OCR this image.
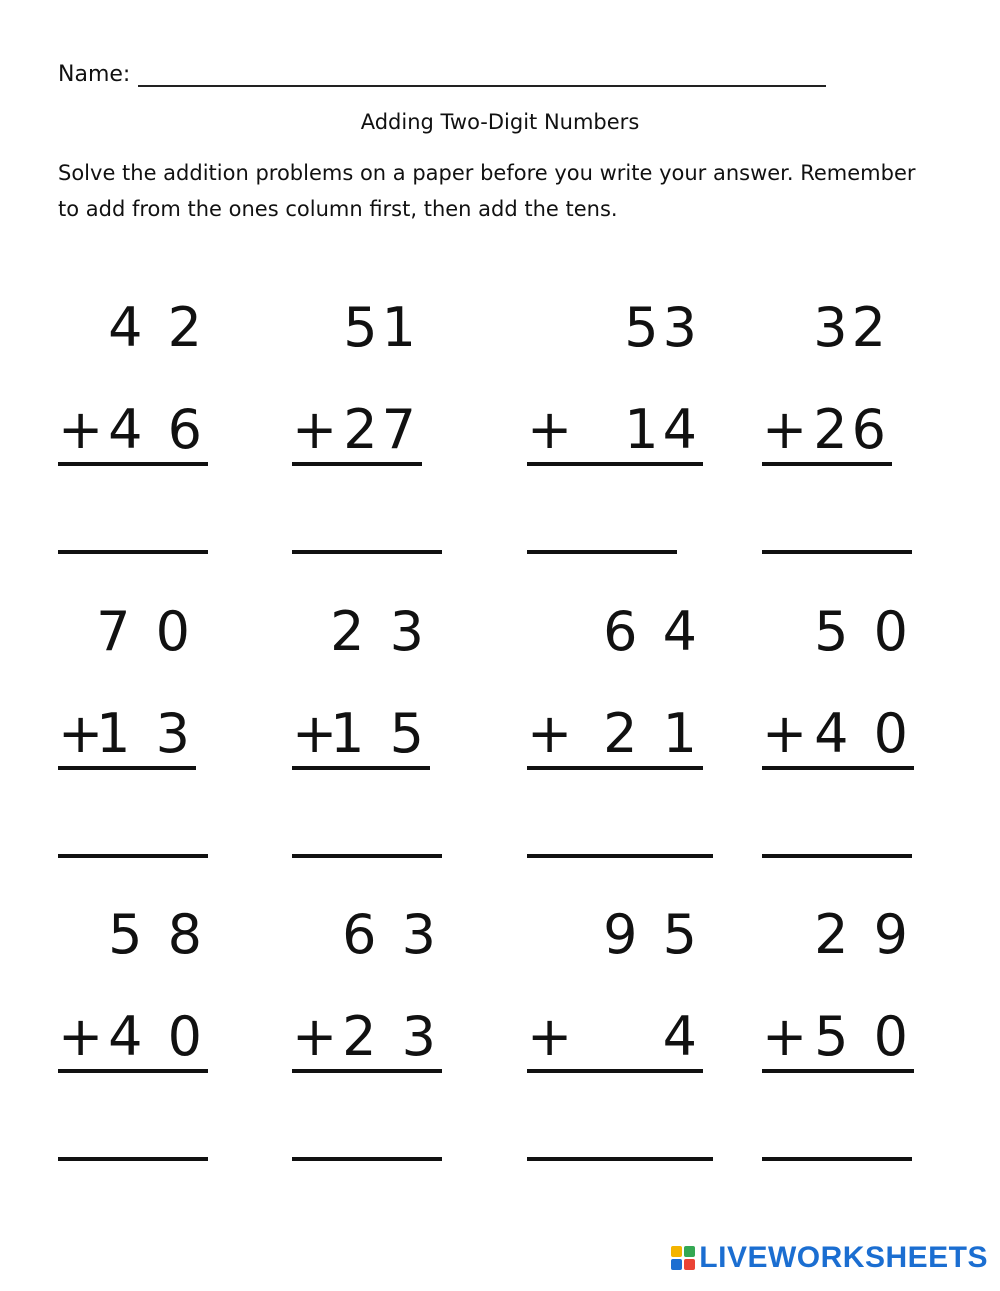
Name:
Adding Two-Digit Numbers
Solve the addition problems on a paper before you write your answer. Remember to add from the ones column first, then add the tens.
4 2
+ 4 6
51
+ 27
53
+ 14
32
+ 26
7 0
+
1 3
2 3
+
1 5
6 4
+ 2 1
5 0
+ 4 0
5 8
+ 4 0
6 3
+ 2 3
9 5
+ 4
2 9
+ 5 0
LIVEWORKSHEETS
